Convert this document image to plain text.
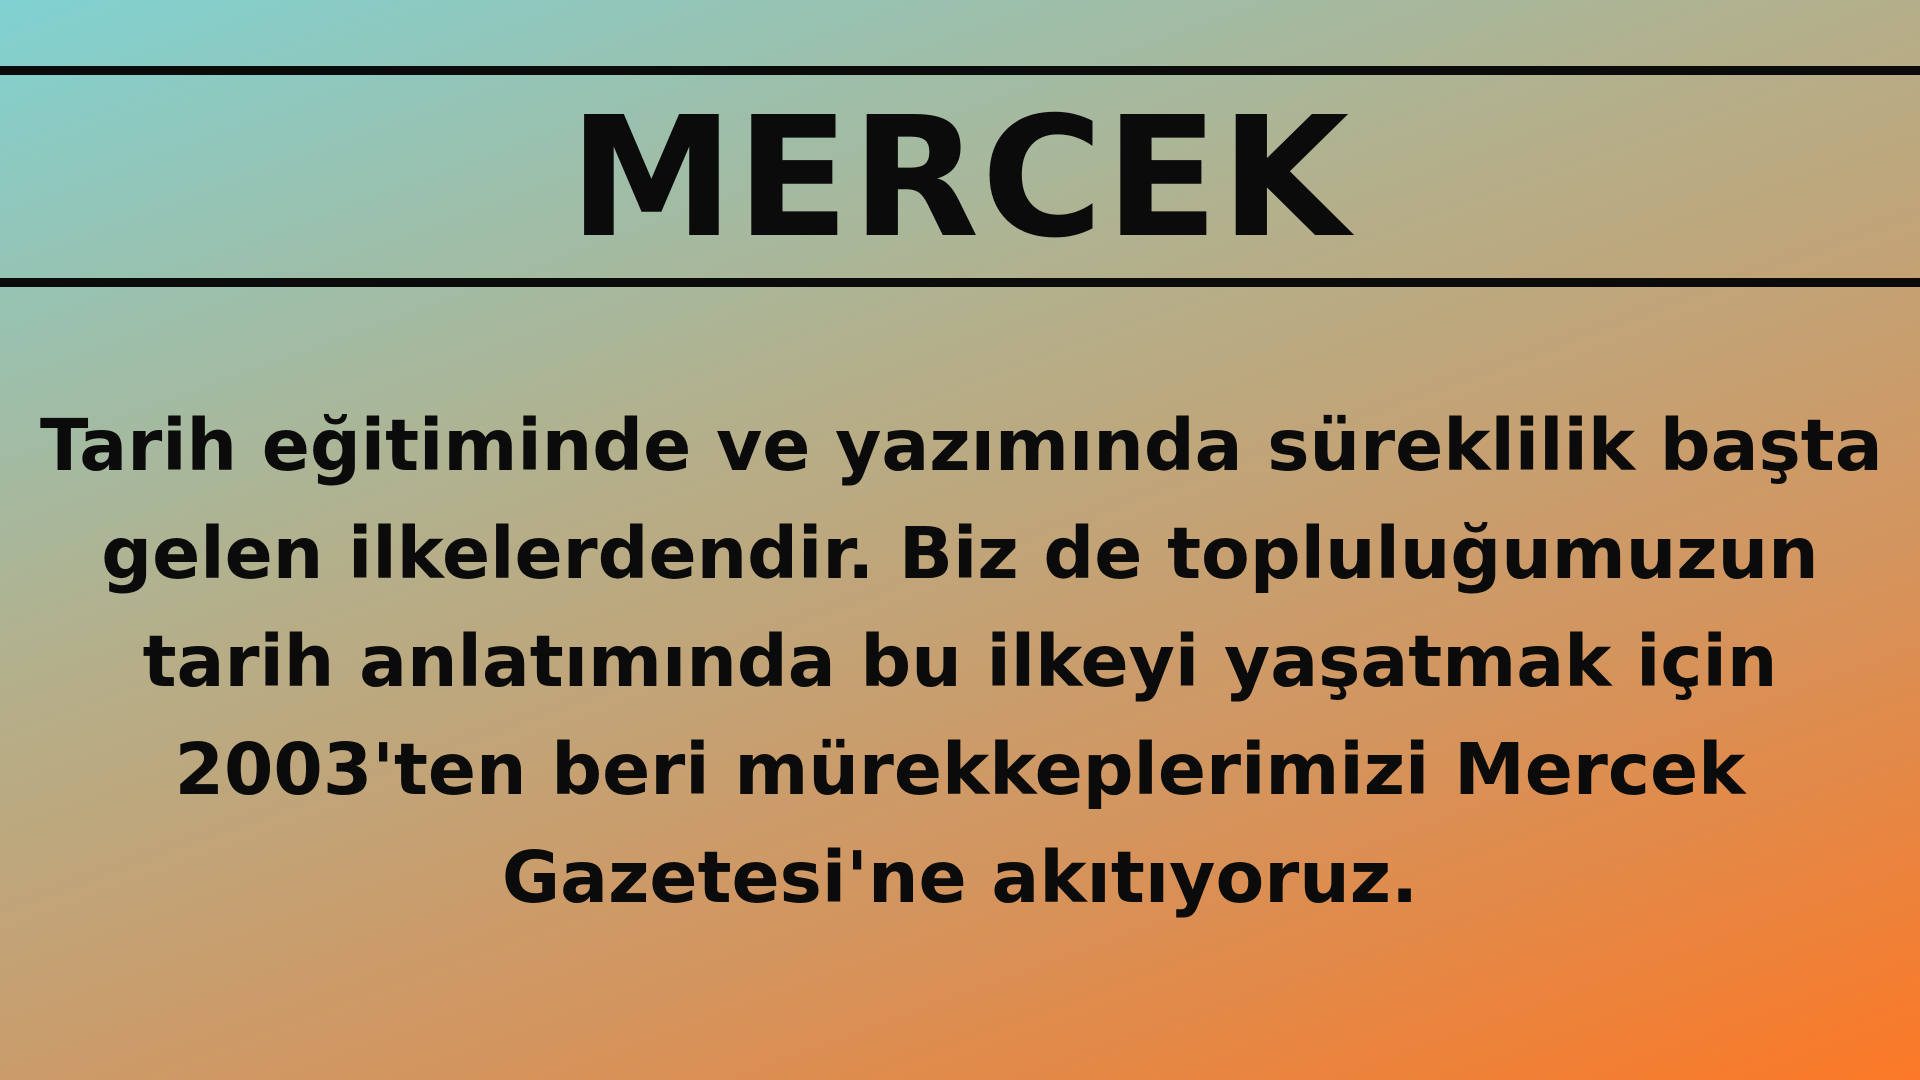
MERCEK
Tarih eğitiminde ve yazımında süreklilik başta
gelen ilkelerdendir. Biz de topluluğumuzun
tarih anlatımında bu ilkeyi yaşatmak için
2003'ten beri mürekkeplerimizi Mercek
Gazetesi'ne akıtıyoruz.
